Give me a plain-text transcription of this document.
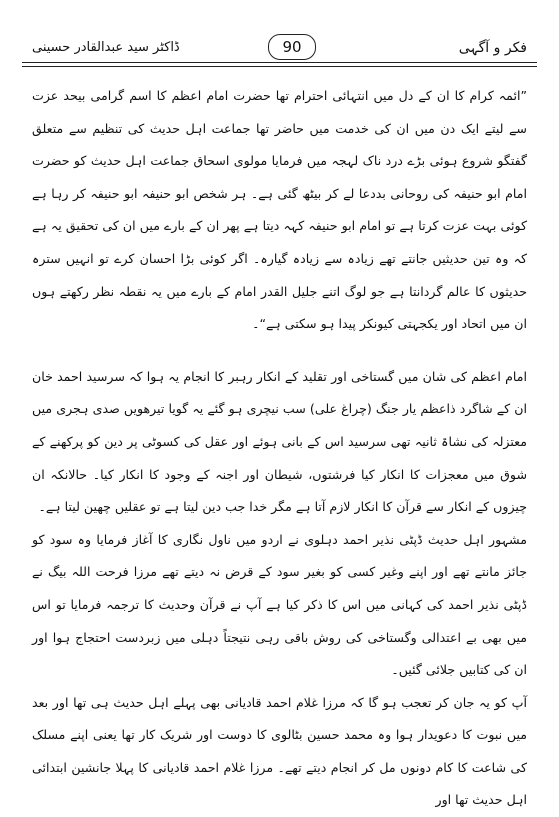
فکر و آگہی
90
ڈاکٹر سید عبدالقادر حسینی

”ائمہ کرام کا ان کے دل میں انتہائی احترام تھا حضرت امام اعظم کا اسم گرامی بیحد عزت سے لیتے ایک دن میں ان کی خدمت میں حاضر تھا جماعت اہل حدیث کی تنظیم سے متعلق گفتگو شروع ہوئی بڑے درد ناک لہجہ میں فرمایا مولوی اسحاق جماعت اہل حدیث کو حضرت امام ابو حنیفہ کی روحانی بددعا لے کر بیٹھ گئی ہے۔ ہر شخص ابو حنیفہ ابو حنیفہ کر رہا ہے کوئی بہت عزت کرتا ہے تو امام ابو حنیفہ کہہ دیتا ہے پھر ان کے بارے میں ان کی تحقیق یہ ہے کہ وہ تین حدیثیں جانتے تھے زیادہ سے زیادہ گیارہ۔ اگر کوئی بڑا احسان کرے تو انہیں سترہ حدیثوں کا عالم گردانتا ہے جو لوگ اتنے جلیل القدر امام کے بارے میں یہ نقطہ نظر رکھتے ہوں ان میں اتحاد اور یکجہتی کیونکر پیدا ہو سکتی ہے“۔

امام اعظم کی شان میں گستاخی اور تقلید کے انکار رہبر کا انجام یہ ہوا کہ سرسید احمد خان ان کے شاگرد ذاعظم یار جنگ (چراغ علی) سب نیچری ہو گئے یہ گویا تیرھویں صدی ہجری میں معتزلہ کی نشاۃ ثانیہ تھی سرسید اس کے بانی ہوئے اور عقل کی کسوٹی پر دین کو پرکھنے کے شوق میں معجزات کا انکار کیا فرشتوں، شیطان اور اجنہ کے وجود کا انکار کیا۔ حالانکہ ان چیزوں کے انکار سے قرآن کا انکار لازم آتا ہے مگر خدا جب دین لیتا ہے تو عقلیں چھین لیتا ہے۔

مشہور اہل حدیث ڈپٹی نذیر احمد دہلوی نے اردو میں ناول نگاری کا آغاز فرمایا وہ سود کو جائز مانتے تھے اور اپنے وغیر کسی کو بغیر سود کے قرض نہ دیتے تھے مرزا فرحت اللہ بیگ نے ڈپٹی نذیر احمد کی کہانی میں اس کا ذکر کیا ہے آپ نے قرآن وحدیث کا ترجمہ فرمایا تو اس میں بھی بے اعتدالی وگستاخی کی روش باقی رہی نتیجتاً دہلی میں زبردست احتجاج ہوا اور ان کی کتابیں جلائی گئیں۔

آپ کو یہ جان کر تعجب ہو گا کہ مرزا غلام احمد قادیانی بھی پہلے اہل حدیث ہی تھا اور بعد میں نبوت کا دعویدار ہوا وہ محمد حسین بٹالوی کا دوست اور شریک کار تھا یعنی اپنے مسلک کی شاعت کا کام دونوں مل کر انجام دیتے تھے۔ مرزا غلام احمد قادیانی کا پہلا جانشین ابتدائی اہل حدیث تھا اور
